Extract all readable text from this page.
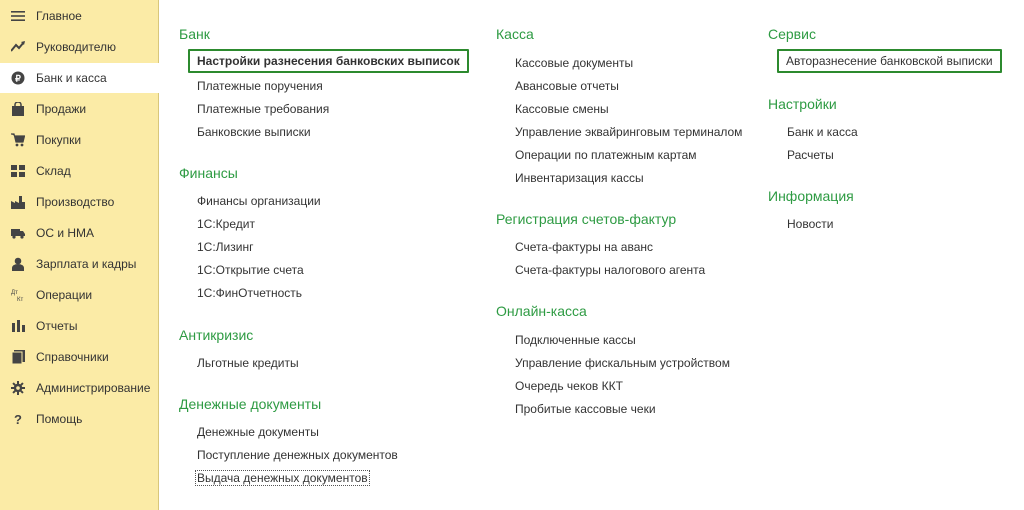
Главное
Руководителю
₽ Банк и касса
Продажи
Покупки
Склад
Производство
ОС и НМА
Зарплата и кадры
Дт
Кт Операции
Отчеты
Справочники
Администрирование
? Помощь
Банк
Настройки разнесения банковских выписок
Платежные поручения
Платежные требования
Банковские выписки
Финансы
Финансы организации
1С:Кредит
1С:Лизинг
1С:Открытие счета
1С:ФинОтчетность
Антикризис
Льготные кредиты
Денежные документы
Денежные документы
Поступление денежных документов
Выдача денежных документов
Касса
Кассовые документы
Авансовые отчеты
Кассовые смены
Управление эквайринговым терминалом
Операции по платежным картам
Инвентаризация кассы
Регистрация счетов-фактур
Счета-фактуры на аванс
Счета-фактуры налогового агента
Онлайн-касса
Подключенные кассы
Управление фискальным устройством
Очередь чеков ККТ
Пробитые кассовые чеки
Сервис
Авторазнесение банковской выписки
Настройки
Банк и касса
Расчеты
Информация
Новости
